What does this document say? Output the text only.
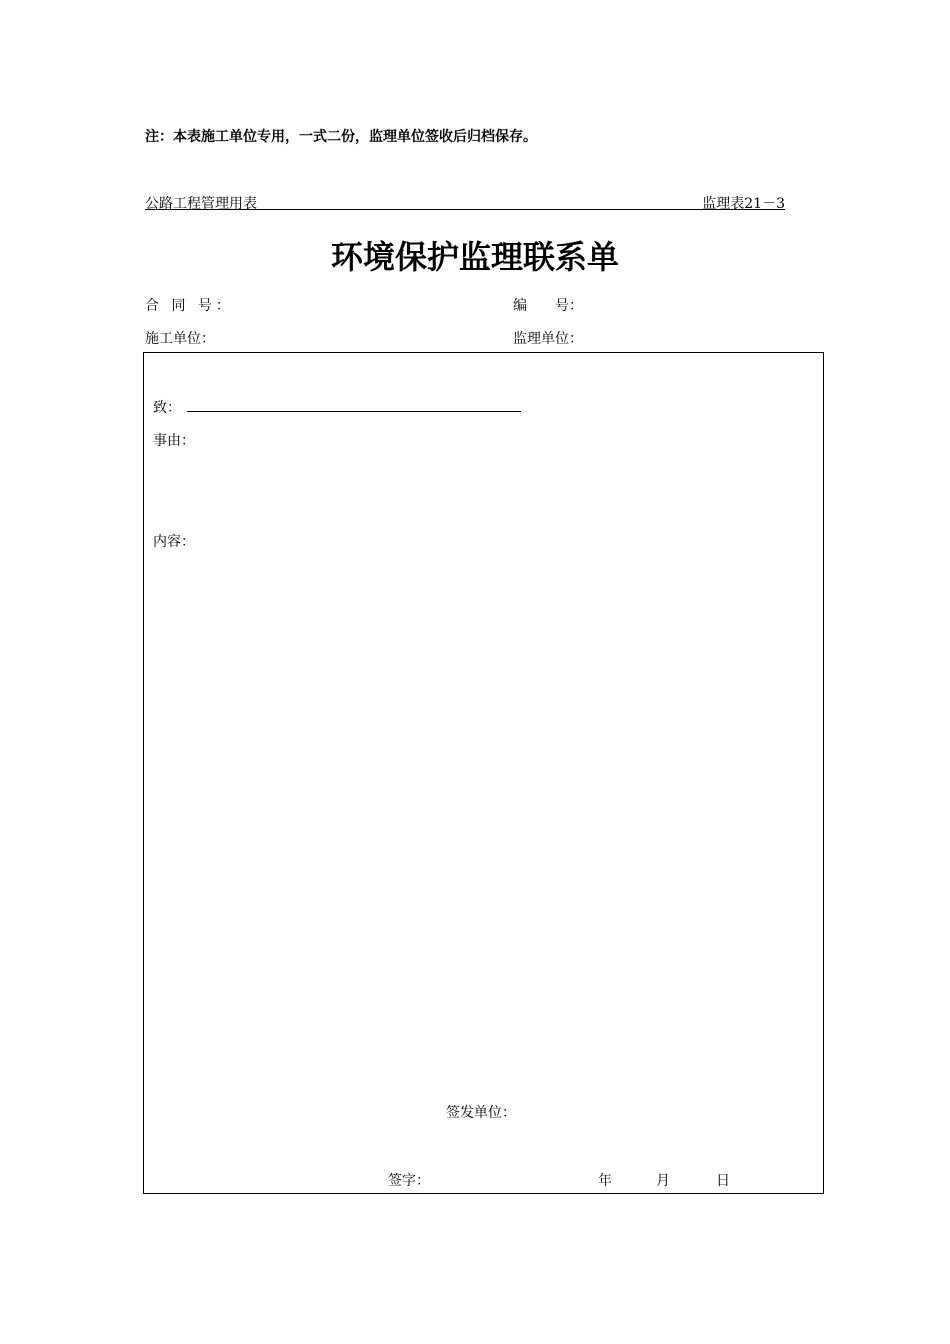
注：本表施工单位专用，一式二份，监理单位签收后归档保存。
公路工程管理用表	监理表21－3
环境保护监理联系单
合 同 号：	编　　号：
施工单位：	监理单位：
致：
事由：
内容：
签发单位：
签字：	年	月	日
